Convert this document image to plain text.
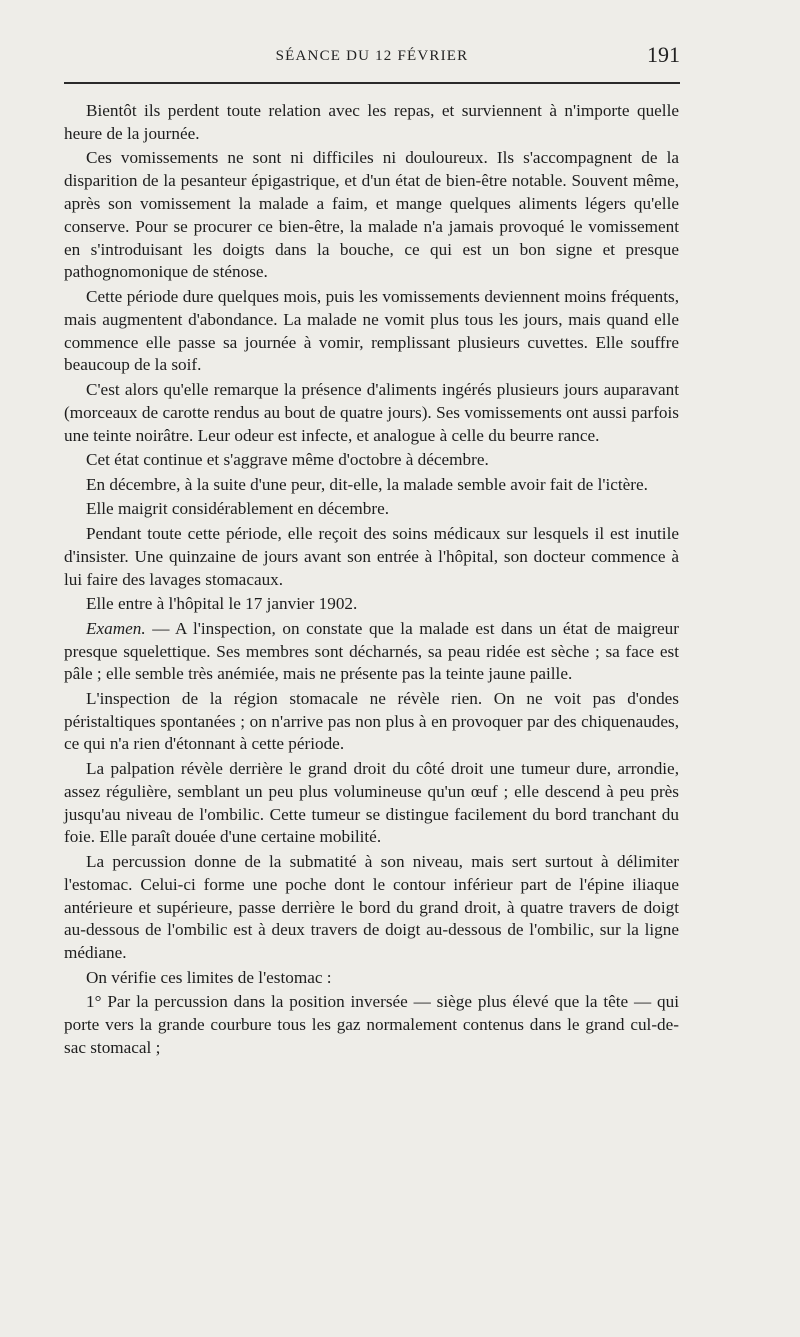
SÉANCE DU 12 FÉVRIER	191

Bientôt ils perdent toute relation avec les repas, et surviennent à n'importe quelle heure de la journée.

Ces vomissements ne sont ni difficiles ni douloureux. Ils s'accompagnent de la disparition de la pesanteur épigastrique, et d'un état de bien-être notable. Souvent même, après son vomissement la malade a faim, et mange quelques aliments légers qu'elle conserve. Pour se procurer ce bien-être, la malade n'a jamais provoqué le vomissement en s'introduisant les doigts dans la bouche, ce qui est un bon signe et presque pathognomonique de sténose.

Cette période dure quelques mois, puis les vomissements deviennent moins fréquents, mais augmentent d'abondance. La malade ne vomit plus tous les jours, mais quand elle commence elle passe sa journée à vomir, remplissant plusieurs cuvettes. Elle souffre beaucoup de la soif.

C'est alors qu'elle remarque la présence d'aliments ingérés plusieurs jours auparavant (morceaux de carotte rendus au bout de quatre jours). Ses vomissements ont aussi parfois une teinte noirâtre. Leur odeur est infecte, et analogue à celle du beurre rance.

Cet état continue et s'aggrave même d'octobre à décembre.

En décembre, à la suite d'une peur, dit-elle, la malade semble avoir fait de l'ictère.

Elle maigrit considérablement en décembre.

Pendant toute cette période, elle reçoit des soins médicaux sur lesquels il est inutile d'insister. Une quinzaine de jours avant son entrée à l'hôpital, son docteur commence à lui faire des lavages stomacaux.

Elle entre à l'hôpital le 17 janvier 1902.

Examen. — A l'inspection, on constate que la malade est dans un état de maigreur presque squelettique. Ses membres sont décharnés, sa peau ridée est sèche ; sa face est pâle ; elle semble très anémiée, mais ne présente pas la teinte jaune paille.

L'inspection de la région stomacale ne révèle rien. On ne voit pas d'ondes péristaltiques spontanées ; on n'arrive pas non plus à en provoquer par des chiquenaudes, ce qui n'a rien d'étonnant à cette période.

La palpation révèle derrière le grand droit du côté droit une tumeur dure, arrondie, assez régulière, semblant un peu plus volumineuse qu'un œuf ; elle descend à peu près jusqu'au niveau de l'ombilic. Cette tumeur se distingue facilement du bord tranchant du foie. Elle paraît douée d'une certaine mobilité.

La percussion donne de la submatité à son niveau, mais sert surtout à délimiter l'estomac. Celui-ci forme une poche dont le contour inférieur part de l'épine iliaque antérieure et supérieure, passe derrière le bord du grand droit, à quatre travers de doigt au-dessous de l'ombilic est à deux travers de doigt au-dessous de l'ombilic, sur la ligne médiane.

On vérifie ces limites de l'estomac :

1° Par la percussion dans la position inversée — siège plus élevé que la tête — qui porte vers la grande courbure tous les gaz normalement contenus dans le grand cul-de-sac stomacal ;
